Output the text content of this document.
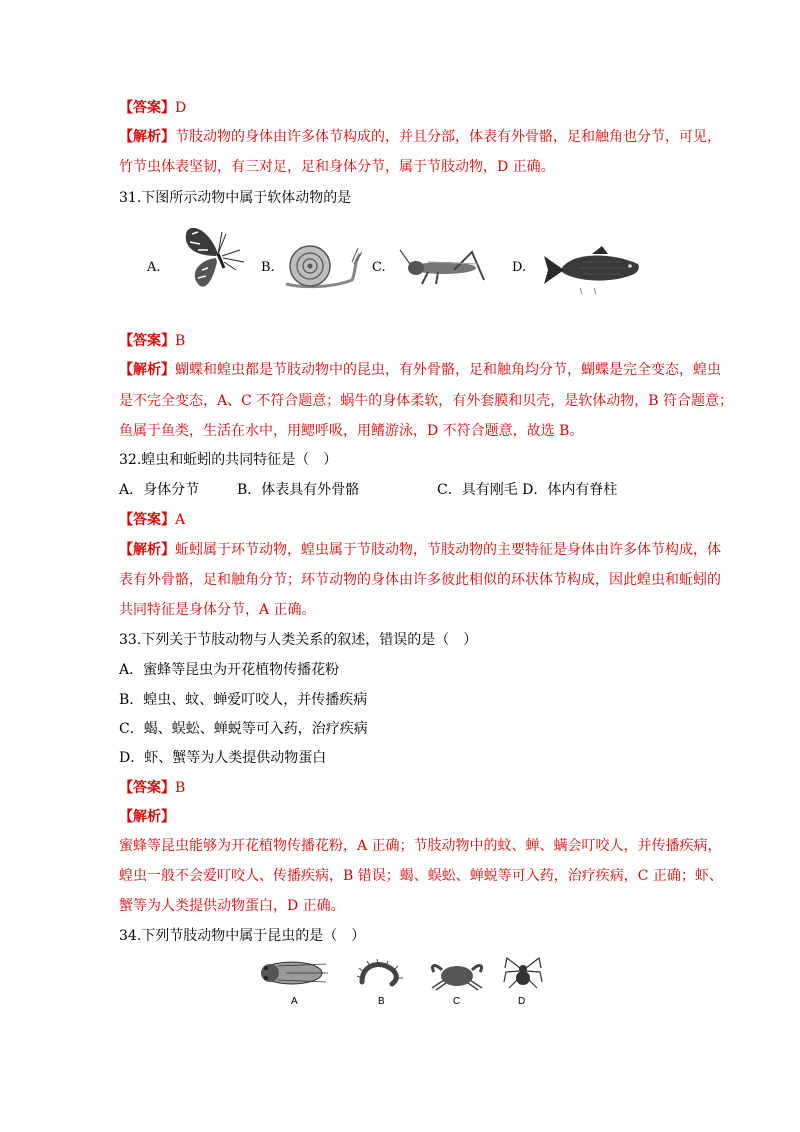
【答案】D
【解析】节肢动物的身体由许多体节构成的，并且分部，体表有外骨骼，足和触角也分节，可见，
竹节虫体表坚韧，有三对足，足和身体分节，属于节肢动物，D 正确。
31.下图所示动物中属于软体动物的是
A.	B.	C.	D.
【答案】B
【解析】蝴蝶和蝗虫都是节肢动物中的昆虫，有外骨骼，足和触角均分节，蝴蝶是完全变态，蝗虫
是不完全变态，A、C 不符合题意；蜗牛的身体柔软，有外套膜和贝壳，是软体动物，B 符合题意；
鱼属于鱼类，生活在水中，用鳃呼吸，用鳍游泳，D 不符合题意，故选 B。
32.蝗虫和蚯蚓的共同特征是（　）
A．身体分节	B．体表具有外骨骼	C．具有刚毛 D．体内有脊柱
【答案】A
【解析】蚯蚓属于环节动物，蝗虫属于节肢动物，节肢动物的主要特征是身体由许多体节构成，体
表有外骨骼，足和触角分节；环节动物的身体由许多彼此相似的环状体节构成，因此蝗虫和蚯蚓的
共同特征是身体分节，A 正确。
33.下列关于节肢动物与人类关系的叙述，错误的是（　）
A．蜜蜂等昆虫为开花植物传播花粉
B．蝗虫、蚊、蝉爱叮咬人，并传播疾病
C．蝎、蜈蚣、蝉蜕等可入药，治疗疾病
D．虾、蟹等为人类提供动物蛋白
【答案】B
【解析】
蜜蜂等昆虫能够为开花植物传播花粉，A 正确；节肢动物中的蚊、蝉、螨会叮咬人，并传播疾病，
蝗虫一般不会爱叮咬人、传播疾病，B 错误；蝎、蜈蚣、蝉蜕等可入药，治疗疾病，C 正确；虾、
蟹等为人类提供动物蛋白，D 正确。
34.下列节肢动物中属于昆虫的是（　）
A	B	C	D
